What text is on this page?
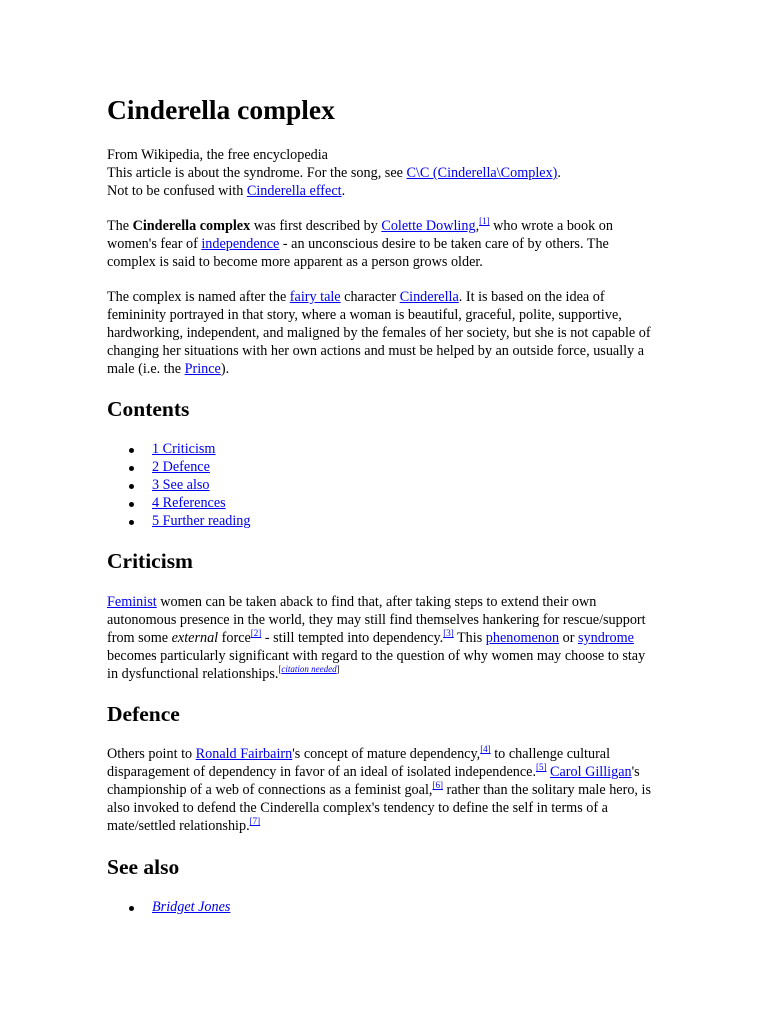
Cinderella complex
From Wikipedia, the free encyclopedia
This article is about the syndrome. For the song, see C\C (Cinderella\Complex).
Not to be confused with Cinderella effect.

The Cinderella complex was first described by Colette Dowling,[1] who wrote a book on women's fear of independence - an unconscious desire to be taken care of by others. The complex is said to become more apparent as a person grows older.

The complex is named after the fairy tale character Cinderella. It is based on the idea of femininity portrayed in that story, where a woman is beautiful, graceful, polite, supportive, hardworking, independent, and maligned by the females of her society, but she is not capable of changing her situations with her own actions and must be helped by an outside force, usually a male (i.e. the Prince).

Contents
1 Criticism
2 Defence
3 See also
4 References
5 Further reading
Criticism

Feminist women can be taken aback to find that, after taking steps to extend their own autonomous presence in the world, they may still find themselves hankering for rescue/support from some external force[2] - still tempted into dependency.[3] This phenomenon or syndrome becomes particularly significant with regard to the question of why women may choose to stay in dysfunctional relationships.[citation needed]

Defence

Others point to Ronald Fairbairn's concept of mature dependency,[4] to challenge cultural disparagement of dependency in favor of an ideal of isolated independence.[5] Carol Gilligan's championship of a web of connections as a feminist goal,[6] rather than the solitary male hero, is also invoked to defend the Cinderella complex's tendency to define the self in terms of a mate/settled relationship.[7]

See also
Bridget Jones
